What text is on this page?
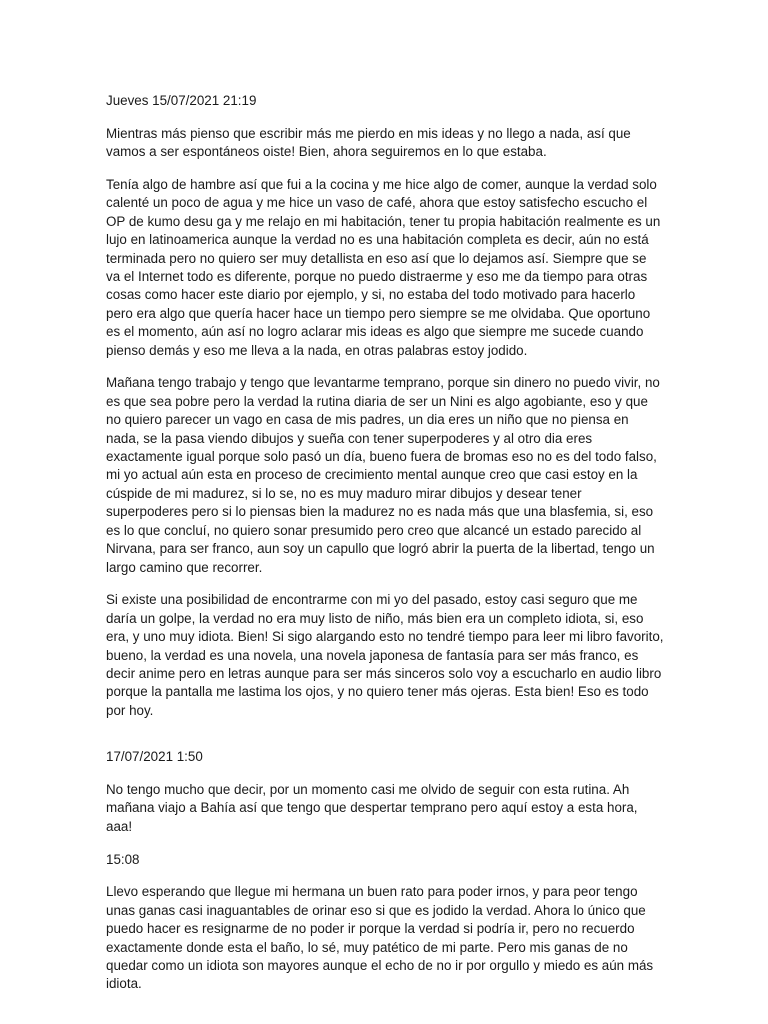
Jueves 15/07/2021 21:19

Mientras más pienso que escribir más me pierdo en mis ideas y no llego a nada, así que vamos a ser espontáneos oiste! Bien, ahora seguiremos en lo que estaba.

Tenía algo de hambre así que fui a la cocina y me hice algo de comer, aunque la verdad solo calenté un poco de agua y me hice un vaso de café, ahora que estoy satisfecho escucho el OP de kumo desu ga y me relajo en mi habitación, tener tu propia habitación realmente es un lujo en latinoamerica aunque la verdad no es una habitación completa es decir, aún no está terminada pero no quiero ser muy detallista en eso así que lo dejamos así. Siempre que se va el Internet todo es diferente, porque no puedo distraerme y eso me da tiempo para otras cosas como hacer este diario por ejemplo, y si, no estaba del todo motivado para hacerlo pero era algo que quería hacer hace un tiempo pero siempre se me olvidaba. Que oportuno es el momento, aún así no logro aclarar mis ideas es algo que siempre me sucede cuando pienso demás y eso me lleva a la nada, en otras palabras estoy jodido.

Mañana tengo trabajo y tengo que levantarme temprano, porque sin dinero no puedo vivir, no es que sea pobre pero la verdad la rutina diaria de ser un Nini es algo agobiante, eso y que no quiero parecer un vago en casa de mis padres, un dia eres un niño que no piensa en nada, se la pasa viendo dibujos y sueña con tener superpoderes y al otro dia eres exactamente igual porque solo pasó un día, bueno fuera de bromas eso no es del todo falso, mi yo actual aún esta en proceso de crecimiento mental aunque creo que casi estoy en la cúspide de mi madurez, si lo se, no es muy maduro mirar dibujos y desear tener superpoderes pero si lo piensas bien la madurez no es nada más que una blasfemia, si, eso es lo que concluí, no quiero sonar presumido pero creo que alcancé un estado parecido al Nirvana, para ser franco, aun soy un capullo que logró abrir la puerta de la libertad, tengo un largo camino que recorrer.

Si existe una posibilidad de encontrarme con mi yo del pasado, estoy casi seguro que me daría un golpe, la verdad no era muy listo de niño, más bien era un completo idiota, si, eso era, y uno muy idiota. Bien! Si sigo alargando esto no tendré tiempo para leer mi libro favorito, bueno, la verdad es una novela, una novela japonesa de fantasía para ser más franco, es decir anime pero en letras aunque para ser más sinceros solo voy a escucharlo en audio libro porque la pantalla me lastima los ojos, y no quiero tener más ojeras. Esta bien! Eso es todo por hoy.

17/07/2021 1:50

No tengo mucho que decir, por un momento casi me olvido de seguir con esta rutina. Ah mañana viajo a Bahía así que tengo que despertar temprano pero aquí estoy a esta hora, aaa!

15:08

Llevo esperando que llegue mi hermana un buen rato para poder irnos, y para peor tengo unas ganas casi inaguantables de orinar eso si que es jodido la verdad. Ahora lo único que puedo hacer es resignarme de no poder ir porque la verdad si podría ir, pero no recuerdo exactamente donde esta el baño, lo sé, muy patético de mi parte. Pero mis ganas de no quedar como un idiota son mayores aunque el echo de no ir por orgullo y miedo es aún más idiota.
